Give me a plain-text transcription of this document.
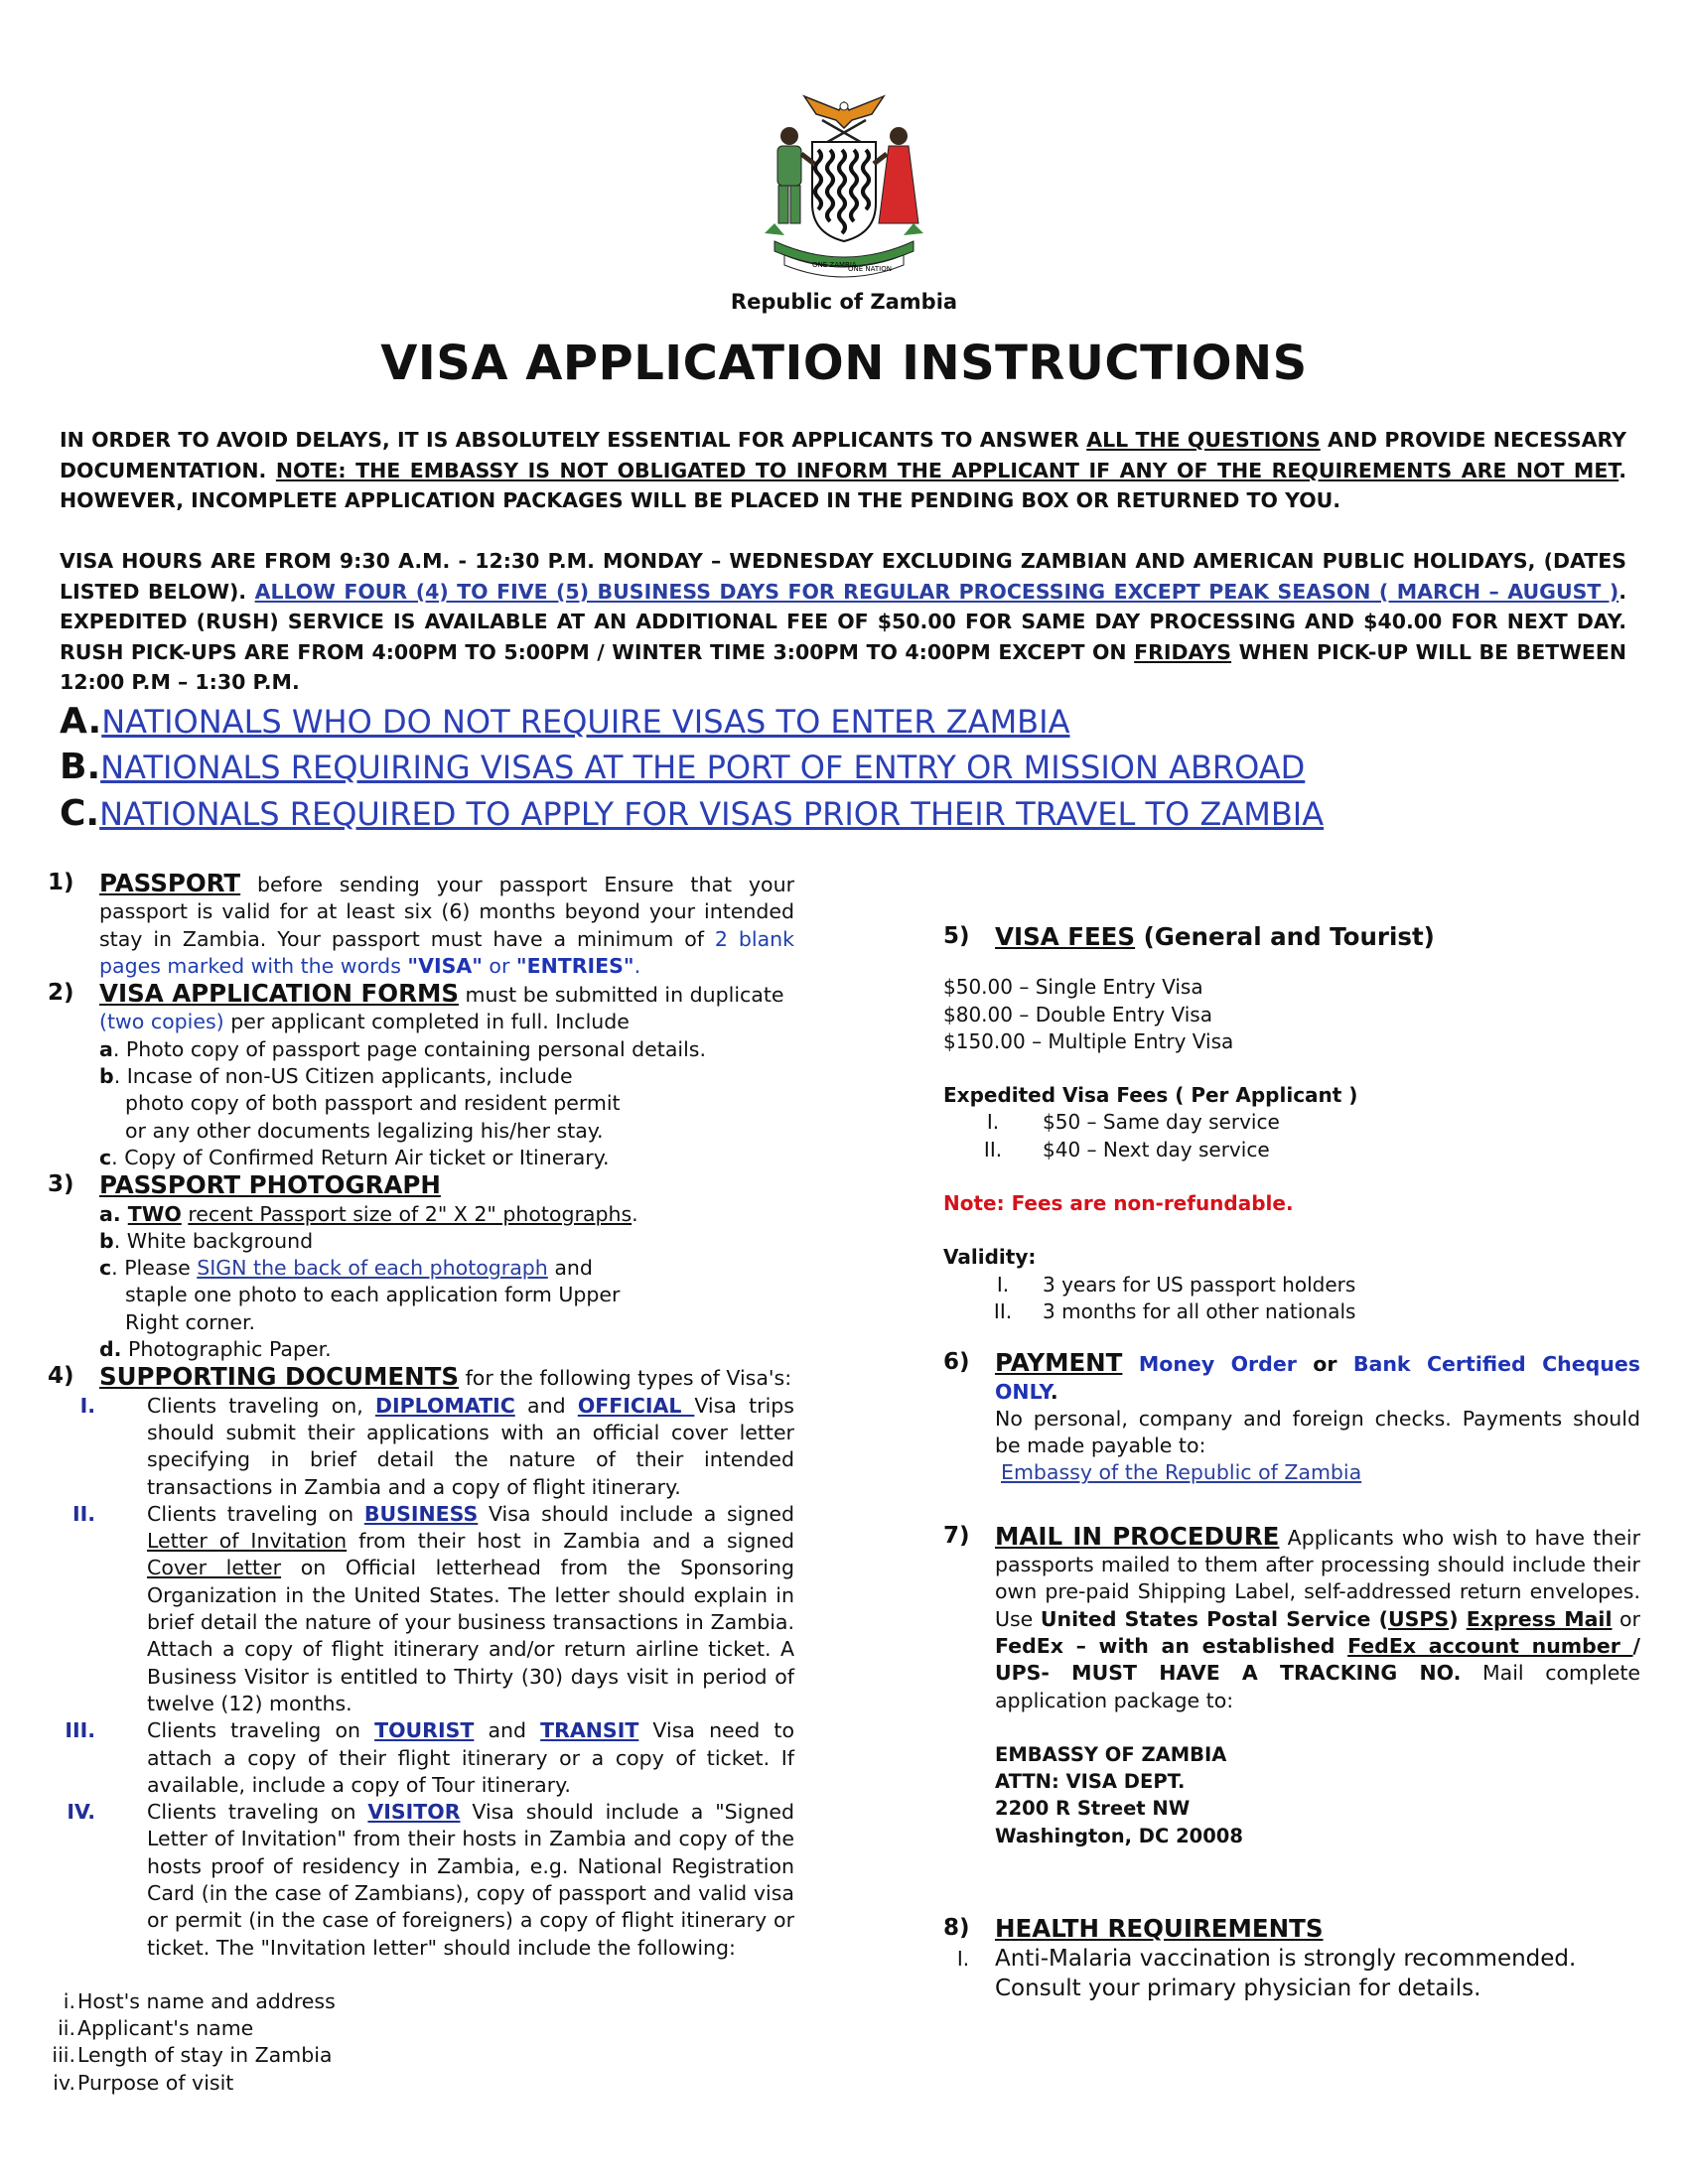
ONE ZAMBIA
ONE NATION
Republic of Zambia
VISA APPLICATION INSTRUCTIONS
IN ORDER TO AVOID DELAYS, IT IS ABSOLUTELY ESSENTIAL FOR APPLICANTS TO ANSWER ALL THE QUESTIONS AND PROVIDE NECESSARY DOCUMENTATION. NOTE: THE EMBASSY IS NOT OBLIGATED TO INFORM THE APPLICANT IF ANY OF THE REQUIREMENTS ARE NOT MET. HOWEVER, INCOMPLETE APPLICATION PACKAGES WILL BE PLACED IN THE PENDING BOX OR RETURNED TO YOU.
VISA HOURS ARE FROM 9:30 A.M. - 12:30 P.M. MONDAY – WEDNESDAY EXCLUDING ZAMBIAN AND AMERICAN PUBLIC HOLIDAYS, (DATES LISTED BELOW). ALLOW FOUR (4) TO FIVE (5) BUSINESS DAYS FOR REGULAR PROCESSING EXCEPT PEAK SEASON ( MARCH – AUGUST ). EXPEDITED (RUSH) SERVICE IS AVAILABLE AT AN ADDITIONAL FEE OF $50.00 FOR SAME DAY PROCESSING AND $40.00 FOR NEXT DAY. RUSH PICK-UPS ARE FROM 4:00PM TO 5:00PM / WINTER TIME 3:00PM TO 4:00PM EXCEPT ON FRIDAYS WHEN PICK-UP WILL BE BETWEEN 12:00 P.M – 1:30 P.M.
A.NATIONALS WHO DO NOT REQUIRE VISAS TO ENTER ZAMBIA
B.NATIONALS REQUIRING VISAS AT THE PORT OF ENTRY OR MISSION ABROAD
C.NATIONALS REQUIRED TO APPLY FOR VISAS PRIOR THEIR TRAVEL TO ZAMBIA
1) PASSPORT before sending your passport Ensure that your passport is valid for at least six (6) months beyond your intended stay in Zambia. Your passport must have a minimum of 2 blank pages marked with the words "VISA" or "ENTRIES".
2) VISA APPLICATION FORMS must be submitted in duplicate
(two copies) per applicant completed in full. Include
a. Photo copy of passport page containing personal details.
b. Incase of non-US Citizen applicants, include
photo copy of both passport and resident permit
or any other documents legalizing his/her stay.
c. Copy of Confirmed Return Air ticket or Itinerary.
3) PASSPORT PHOTOGRAPH
a. TWO recent Passport size of 2" X 2" photographs.
b. White background
c. Please SIGN the back of each photograph and
staple one photo to each application form Upper
Right corner.
d. Photographic Paper.
4) SUPPORTING DOCUMENTS for the following types of Visa's:
I.	Clients traveling on, DIPLOMATIC and OFFICIAL Visa trips should submit their applications with an official cover letter specifying in brief detail the nature of their intended transactions in Zambia and a copy of flight itinerary.
II.	Clients traveling on BUSINESS Visa should include a signed Letter of Invitation from their host in Zambia and a signed Cover letter on Official letterhead from the Sponsoring Organization in the United States. The letter should explain in brief detail the nature of your business transactions in Zambia. Attach a copy of flight itinerary and/or return airline ticket. A Business Visitor is entitled to Thirty (30) days visit in period of twelve (12) months.
III.	Clients traveling on TOURIST and TRANSIT Visa need to attach a copy of their flight itinerary or a copy of ticket. If available, include a copy of Tour itinerary.
IV.	Clients traveling on VISITOR Visa should include a "Signed Letter of Invitation" from their hosts in Zambia and copy of the hosts proof of residency in Zambia, e.g. National Registration Card (in the case of Zambians), copy of passport and valid visa or permit (in the case of foreigners) a copy of flight itinerary or ticket. The "Invitation letter" should include the following:
i. Host's name and address
ii. Applicant's name
iii. Length of stay in Zambia
iv. Purpose of visit
5) VISA FEES (General and Tourist)
$50.00 – Single Entry Visa
$80.00 – Double Entry Visa
$150.00 – Multiple Entry Visa
Expedited Visa Fees ( Per Applicant )
I.	$50 – Same day service
II.	$40 – Next day service
Note: Fees are non-refundable.
Validity:
I.	3 years for US passport holders
II.	3 months for all other nationals
6) PAYMENT Money Order or Bank Certified Cheques ONLY.
No personal, company and foreign checks. Payments should be made payable to:
Embassy of the Republic of Zambia
7) MAIL IN PROCEDURE Applicants who wish to have their passports mailed to them after processing should include their own pre-paid Shipping Label, self-addressed return envelopes. Use United States Postal Service (USPS) Express Mail or FedEx – with an established FedEx account number / UPS- MUST HAVE A TRACKING NO. Mail complete application package to:
EMBASSY OF ZAMBIA
ATTN: VISA DEPT.
2200 R Street NW
Washington, DC 20008
8) HEALTH REQUIREMENTS
I.	Anti-Malaria vaccination is strongly recommended.
Consult your primary physician for details.
